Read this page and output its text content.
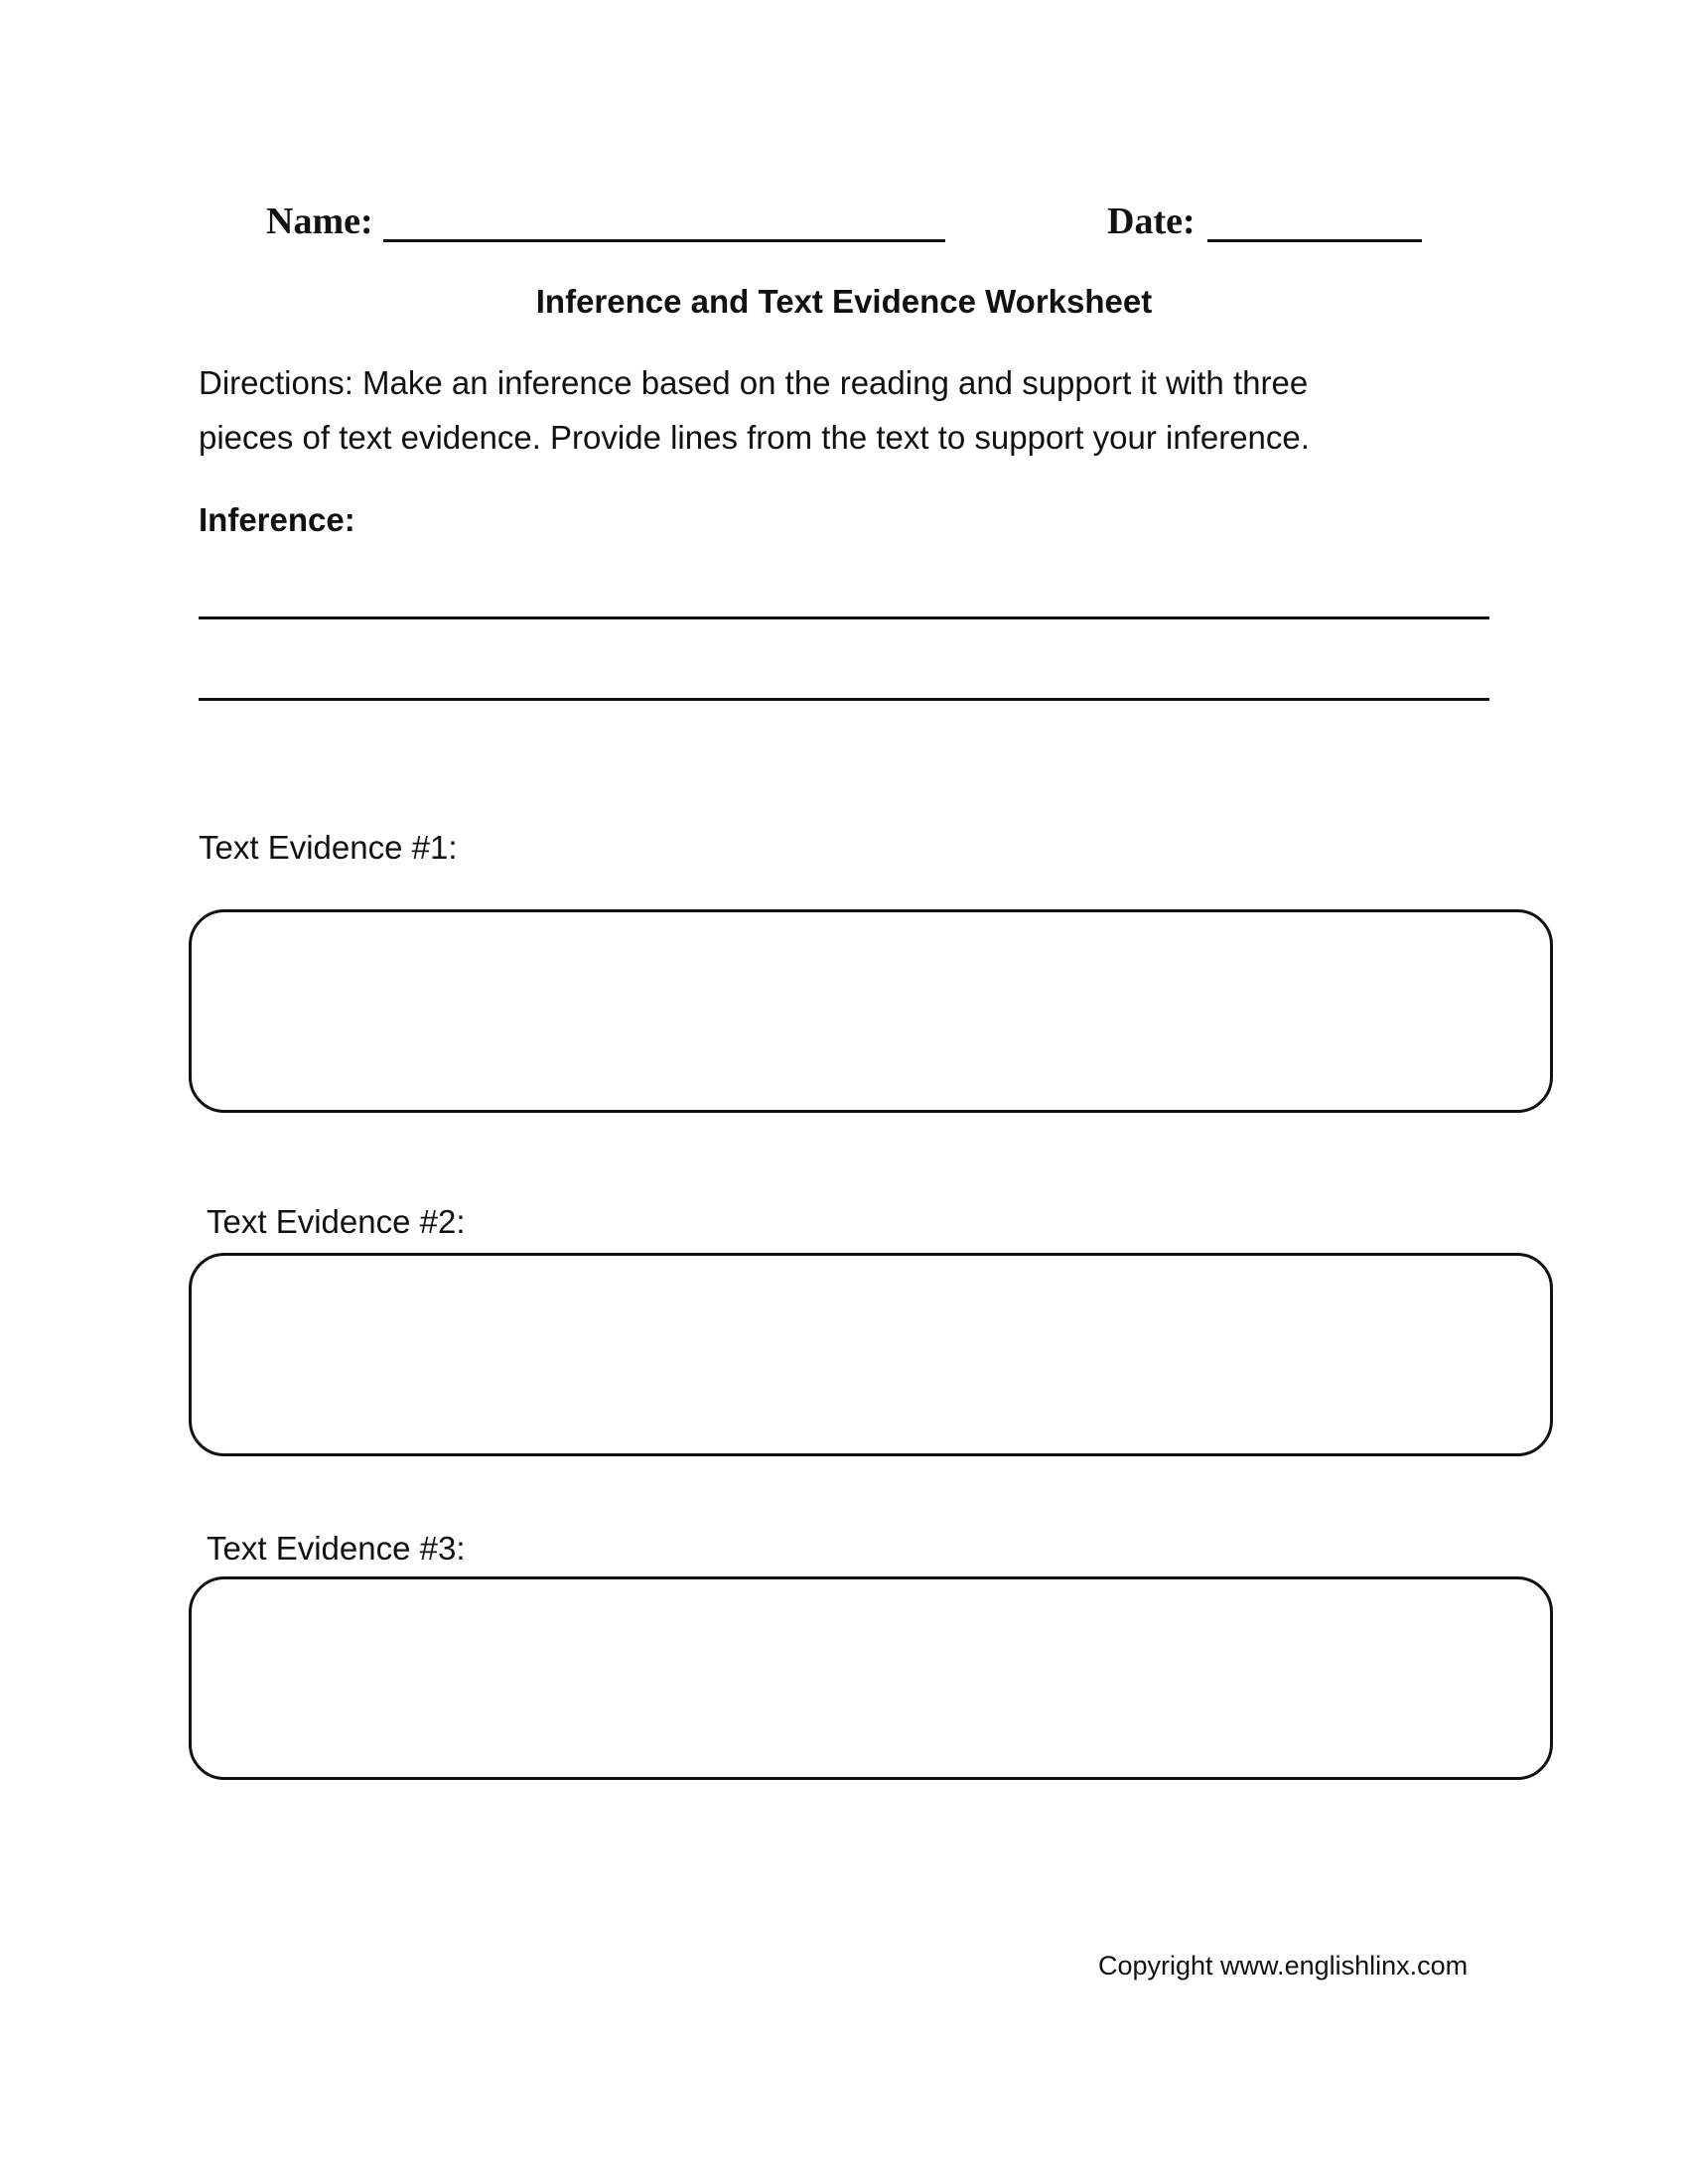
Name:	Date:
Inference and Text Evidence Worksheet
Directions: Make an inference based on the reading and support it with three
pieces of text evidence. Provide lines from the text to support your inference.
Inference:
Text Evidence #1:
Text Evidence #2:
Text Evidence #3:
Copyright www.englishlinx.com
